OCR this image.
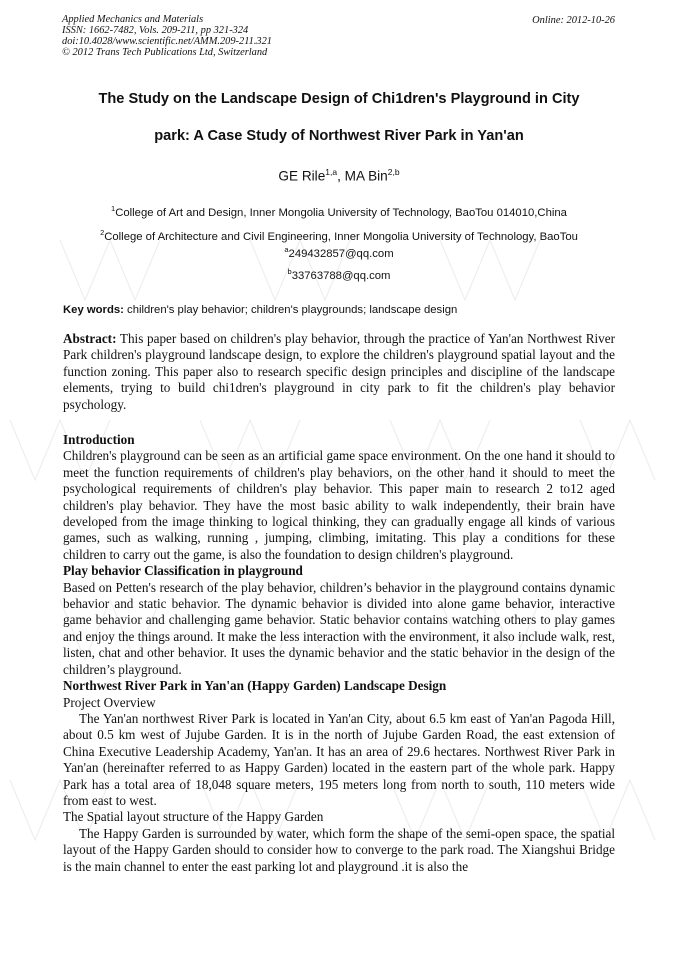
Applied Mechanics and Materials
ISSN: 1662-7482, Vols. 209-211, pp 321-324
doi:10.4028/www.scientific.net/AMM.209-211.321
© 2012 Trans Tech Publications Ltd, Switzerland
Online: 2012-10-26
The Study on the Landscape Design of Chi1dren's Playground in City
park: A Case Study of Northwest River Park in Yan'an
GE Rile$^{1,a}$, MA Bin$^{2,b}$
$^1$College of Art and Design, Inner Mongolia University of Technology, BaoTou 014010,China
$^2$College of Architecture and Civil Engineering, Inner Mongolia University of Technology, BaoTou
$^a$249432857@qq.com
$^b$33763788@qq.com
Key words: children's play behavior; children's playgrounds; landscape design

Abstract: This paper based on children's play behavior, through the practice of Yan'an Northwest River Park children's playground landscape design, to explore the children's playground spatial layout and the function zoning. This paper also to research specific design principles and discipline of the landscape elements, trying to build chi1dren's playground in city park to fit the children's play behavior psychology.

Introduction

Children's playground can be seen as an artificial game space environment. On the one hand it should to meet the function requirements of children's play behaviors, on the other hand it should to meet the psychological requirements of children's play behavior. This paper main to research 2 to12 aged children's play behavior. They have the most basic ability to walk independently, their brain have developed from the image thinking to logical thinking, they can gradually engage all kinds of various games, such as walking, running , jumping, climbing, imitating. This play a conditions for these children to carry out the game, is also the foundation to design children's playground.

Play behavior Classification in playground

Based on Petten's research of the play behavior, children’s behavior in the playground contains dynamic behavior and static behavior. The dynamic behavior is divided into alone game behavior, interactive game behavior and challenging game behavior. Static behavior contains watching others to play games and enjoy the things around. It make the less interaction with the environment, it also include walk, rest, listen, chat and other behavior. It uses the dynamic behavior and the static behavior in the design of the children’s playground.

Northwest River Park in Yan'an (Happy Garden) Landscape Design

Project Overview

The Yan'an northwest River Park is located in Yan'an City, about 6.5 km east of Yan'an Pagoda Hill, about 0.5 km west of Jujube Garden. It is in the north of Jujube Garden Road, the east extension of China Executive Leadership Academy, Yan'an. It has an area of 29.6 hectares. Northwest River Park in Yan'an (hereinafter referred to as Happy Garden) located in the eastern part of the whole park. Happy Park has a total area of 18,048 square meters, 195 meters long from north to south, 110 meters wide from east to west.

The Spatial layout structure of the Happy Garden

The Happy Garden is surrounded by water, which form the shape of the semi-open space, the spatial layout of the Happy Garden should to consider how to converge to the park road. The Xiangshui Bridge is the main channel to enter the east parking lot and playground .it is also the
